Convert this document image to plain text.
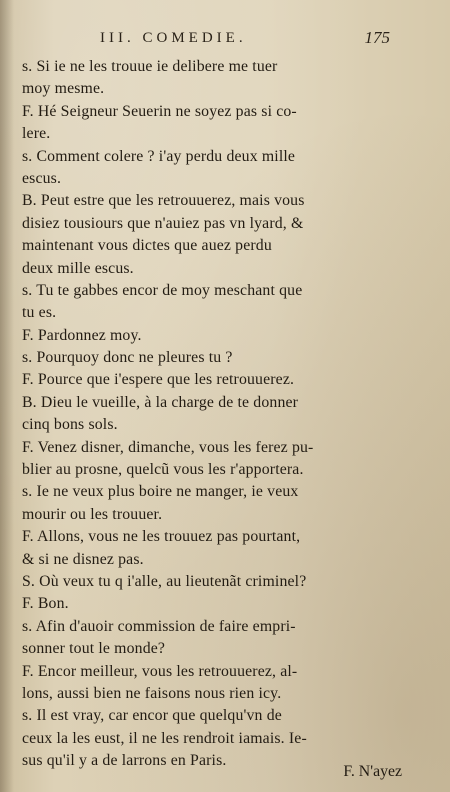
III. COMEDIE.	175
s. Si ie ne les trouue ie delibere me tuer
moy mesme.
F. Hé Seigneur Seuerin ne soyez pas si co-
lere.
s. Comment colere ? i'ay perdu deux mille
escus.
B. Peut estre que les retrouuerez, mais vous
disiez tousiours que n'auiez pas vn lyard, &
maintenant vous dictes que auez perdu
deux mille escus.
s. Tu te gabbes encor de moy meschant que
tu es.
F. Pardonnez moy.
s. Pourquoy donc ne pleures tu ?
F. Pource que i'espere que les retrouuerez.
B. Dieu le vueille, à la charge de te donner
cinq bons sols.
F. Venez disner, dimanche, vous les ferez pu-
blier au prosne, quelcũ vous les r'apportera.
s. Ie ne veux plus boire ne manger, ie veux
mourir ou les trouuer.
F. Allons, vous ne les trouuez pas pourtant,
& si ne disnez pas.
S. Où veux tu q i'alle, au lieutenãt criminel?
F. Bon.
s. Afin d'auoir commission de faire empri-
sonner tout le monde?
F. Encor meilleur, vous les retrouuerez, al-
lons, aussi bien ne faisons nous rien icy.
s. Il est vray, car encor que quelqu'vn de
ceux la les eust, il ne les rendroit iamais. Ie-
sus qu'il y a de larrons en Paris.
F. N'ayez
